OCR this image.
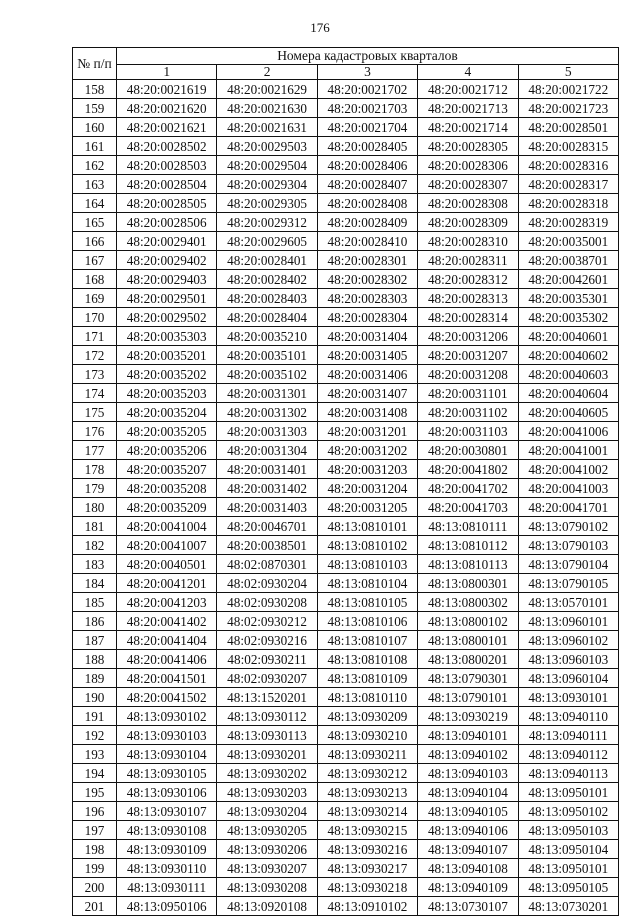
176
№ п/п	Номера кадастровых кварталов				
	1	2	3	4	5
158	48:20:0021619	48:20:0021629	48:20:0021702	48:20:0021712	48:20:0021722
159	48:20:0021620	48:20:0021630	48:20:0021703	48:20:0021713	48:20:0021723
160	48:20:0021621	48:20:0021631	48:20:0021704	48:20:0021714	48:20:0028501
161	48:20:0028502	48:20:0029503	48:20:0028405	48:20:0028305	48:20:0028315
162	48:20:0028503	48:20:0029504	48:20:0028406	48:20:0028306	48:20:0028316
163	48:20:0028504	48:20:0029304	48:20:0028407	48:20:0028307	48:20:0028317
164	48:20:0028505	48:20:0029305	48:20:0028408	48:20:0028308	48:20:0028318
165	48:20:0028506	48:20:0029312	48:20:0028409	48:20:0028309	48:20:0028319
166	48:20:0029401	48:20:0029605	48:20:0028410	48:20:0028310	48:20:0035001
167	48:20:0029402	48:20:0028401	48:20:0028301	48:20:0028311	48:20:0038701
168	48:20:0029403	48:20:0028402	48:20:0028302	48:20:0028312	48:20:0042601
169	48:20:0029501	48:20:0028403	48:20:0028303	48:20:0028313	48:20:0035301
170	48:20:0029502	48:20:0028404	48:20:0028304	48:20:0028314	48:20:0035302
171	48:20:0035303	48:20:0035210	48:20:0031404	48:20:0031206	48:20:0040601
172	48:20:0035201	48:20:0035101	48:20:0031405	48:20:0031207	48:20:0040602
173	48:20:0035202	48:20:0035102	48:20:0031406	48:20:0031208	48:20:0040603
174	48:20:0035203	48:20:0031301	48:20:0031407	48:20:0031101	48:20:0040604
175	48:20:0035204	48:20:0031302	48:20:0031408	48:20:0031102	48:20:0040605
176	48:20:0035205	48:20:0031303	48:20:0031201	48:20:0031103	48:20:0041006
177	48:20:0035206	48:20:0031304	48:20:0031202	48:20:0030801	48:20:0041001
178	48:20:0035207	48:20:0031401	48:20:0031203	48:20:0041802	48:20:0041002
179	48:20:0035208	48:20:0031402	48:20:0031204	48:20:0041702	48:20:0041003
180	48:20:0035209	48:20:0031403	48:20:0031205	48:20:0041703	48:20:0041701
181	48:20:0041004	48:20:0046701	48:13:0810101	48:13:0810111	48:13:0790102
182	48:20:0041007	48:20:0038501	48:13:0810102	48:13:0810112	48:13:0790103
183	48:20:0040501	48:02:0870301	48:13:0810103	48:13:0810113	48:13:0790104
184	48:20:0041201	48:02:0930204	48:13:0810104	48:13:0800301	48:13:0790105
185	48:20:0041203	48:02:0930208	48:13:0810105	48:13:0800302	48:13:0570101
186	48:20:0041402	48:02:0930212	48:13:0810106	48:13:0800102	48:13:0960101
187	48:20:0041404	48:02:0930216	48:13:0810107	48:13:0800101	48:13:0960102
188	48:20:0041406	48:02:0930211	48:13:0810108	48:13:0800201	48:13:0960103
189	48:20:0041501	48:02:0930207	48:13:0810109	48:13:0790301	48:13:0960104
190	48:20:0041502	48:13:1520201	48:13:0810110	48:13:0790101	48:13:0930101
191	48:13:0930102	48:13:0930112	48:13:0930209	48:13:0930219	48:13:0940110
192	48:13:0930103	48:13:0930113	48:13:0930210	48:13:0940101	48:13:0940111
193	48:13:0930104	48:13:0930201	48:13:0930211	48:13:0940102	48:13:0940112
194	48:13:0930105	48:13:0930202	48:13:0930212	48:13:0940103	48:13:0940113
195	48:13:0930106	48:13:0930203	48:13:0930213	48:13:0940104	48:13:0950101
196	48:13:0930107	48:13:0930204	48:13:0930214	48:13:0940105	48:13:0950102
197	48:13:0930108	48:13:0930205	48:13:0930215	48:13:0940106	48:13:0950103
198	48:13:0930109	48:13:0930206	48:13:0930216	48:13:0940107	48:13:0950104
199	48:13:0930110	48:13:0930207	48:13:0930217	48:13:0940108	48:13:0950101
200	48:13:0930111	48:13:0930208	48:13:0930218	48:13:0940109	48:13:0950105
201	48:13:0950106	48:13:0920108	48:13:0910102	48:13:0730107	48:13:0730201
